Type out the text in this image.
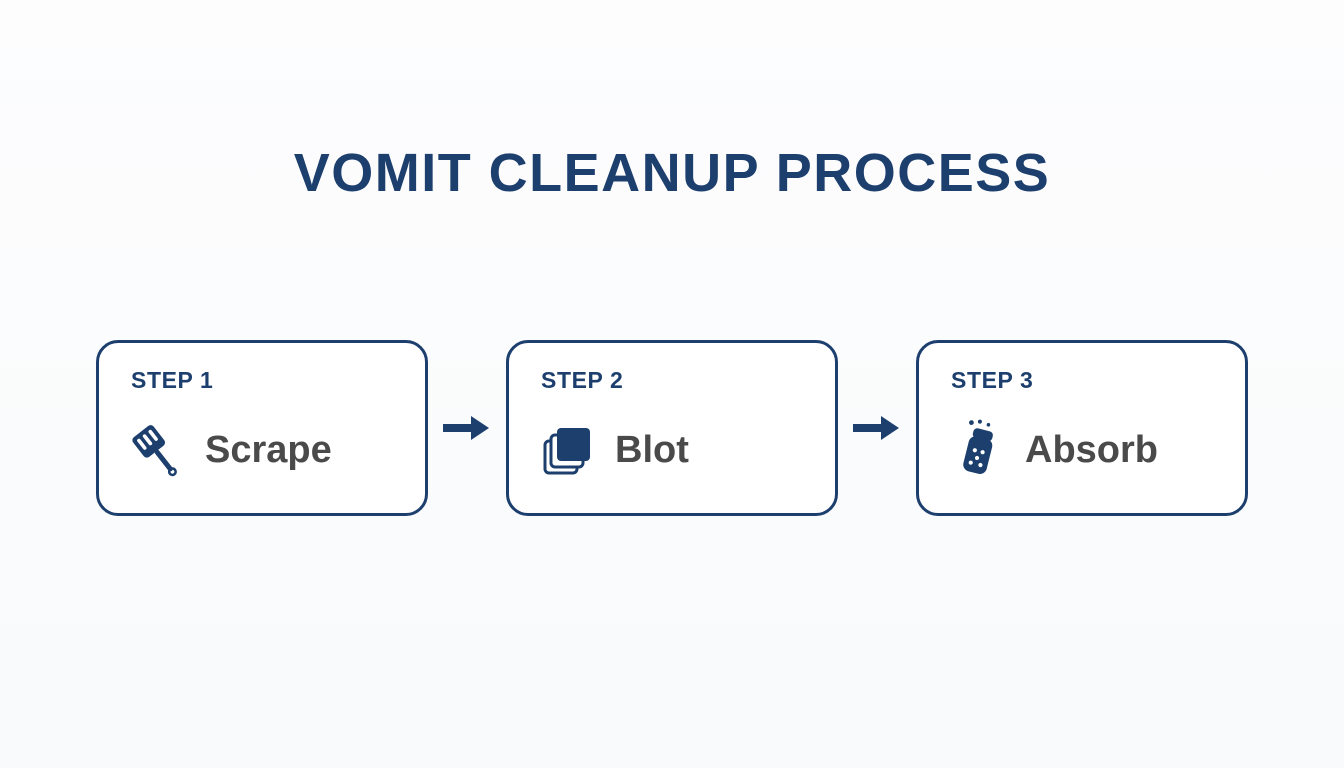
VOMIT CLEANUP PROCESS
STEP 1
Scrape
STEP 2
Blot
STEP 3
Absorb
